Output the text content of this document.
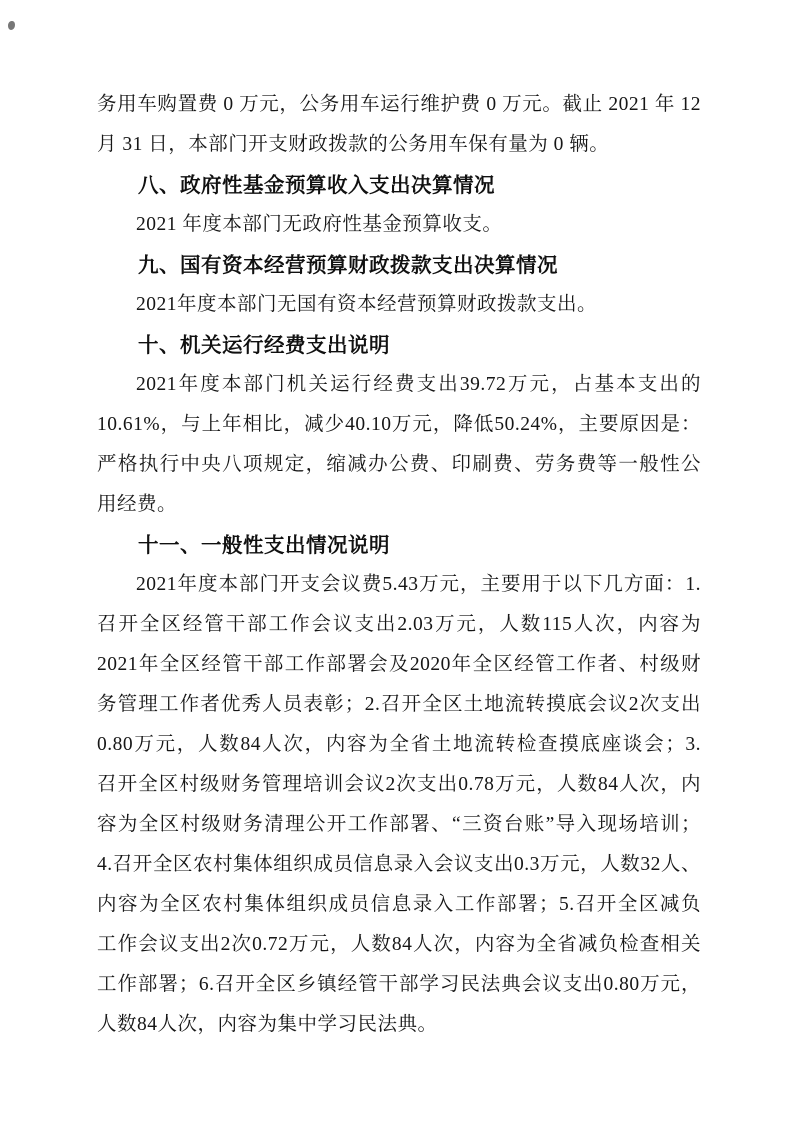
务用车购置费 0 万元，公务用车运行维护费 0 万元。截止 2021 年 12
月 31 日，本部门开支财政拨款的公务用车保有量为 0 辆。
八、政府性基金预算收入支出决算情况
2021 年度本部门无政府性基金预算收支。
九、国有资本经营预算财政拨款支出决算情况
2021年度本部门无国有资本经营预算财政拨款支出。
十、机关运行经费支出说明
2021年度本部门机关运行经费支出39.72万元，占基本支出的
10.61%，与上年相比，减少40.10万元，降低50.24%，主要原因是：
严格执行中央八项规定，缩减办公费、印刷费、劳务费等一般性公
用经费。
十一、一般性支出情况说明
2021年度本部门开支会议费5.43万元，主要用于以下几方面：1.
召开全区经管干部工作会议支出2.03万元，人数115人次，内容为
2021年全区经管干部工作部署会及2020年全区经管工作者、村级财
务管理工作者优秀人员表彰；2.召开全区土地流转摸底会议2次支出
0.80万元，人数84人次，内容为全省土地流转检查摸底座谈会；3.
召开全区村级财务管理培训会议2次支出0.78万元，人数84人次，内
容为全区村级财务清理公开工作部署、“三资台账”导入现场培训；
4.召开全区农村集体组织成员信息录入会议支出0.3万元，人数32人、
内容为全区农村集体组织成员信息录入工作部署；5.召开全区减负
工作会议支出2次0.72万元，人数84人次，内容为全省减负检查相关
工作部署；6.召开全区乡镇经管干部学习民法典会议支出0.80万元，
人数84人次，内容为集中学习民法典。
